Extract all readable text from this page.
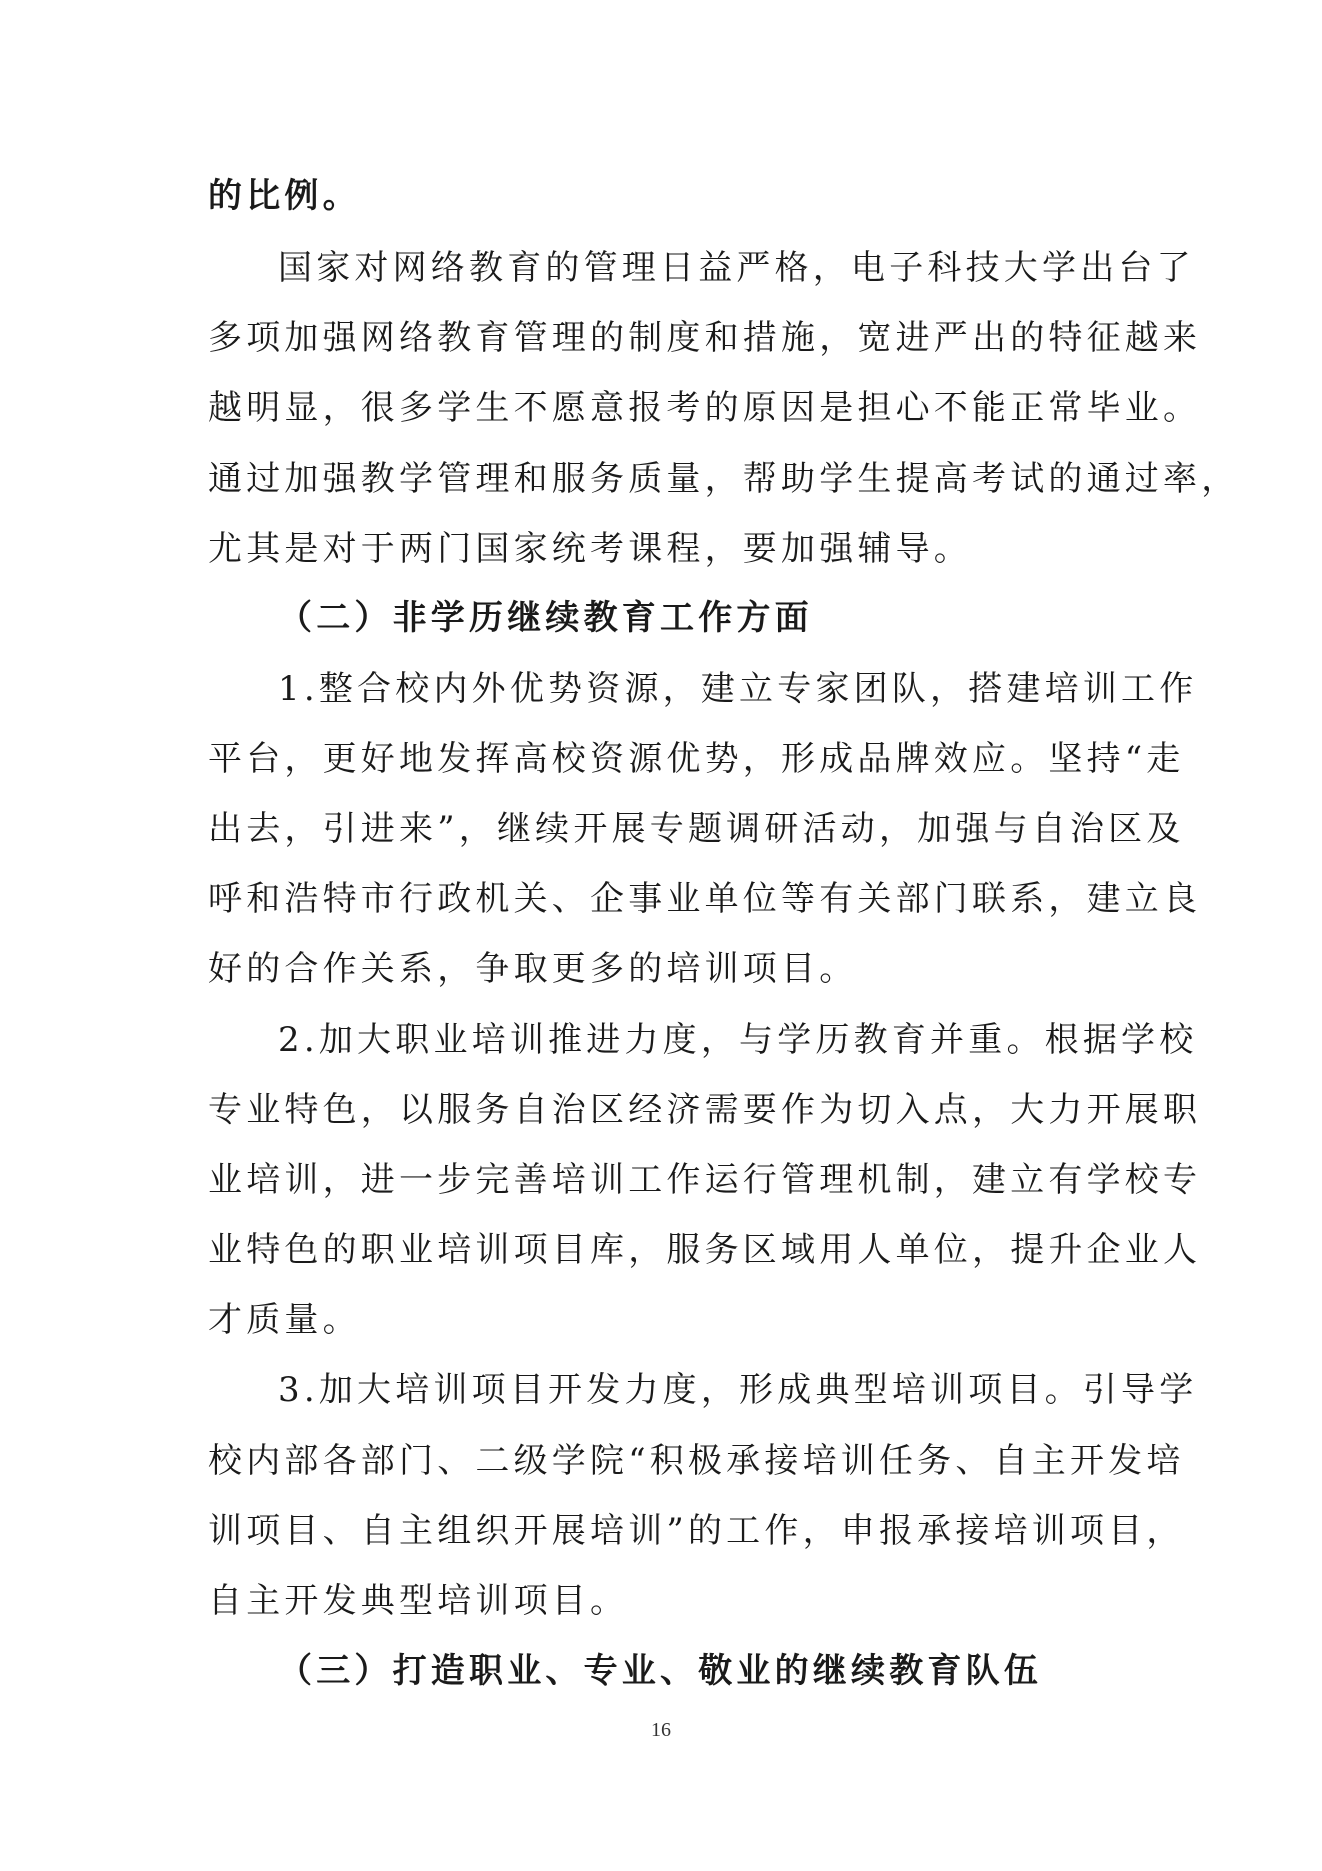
的比例。
国家对网络教育的管理日益严格，电子科技大学出台了
多项加强网络教育管理的制度和措施，宽进严出的特征越来
越明显，很多学生不愿意报考的原因是担心不能正常毕业。
通过加强教学管理和服务质量，帮助学生提高考试的通过率，
尤其是对于两门国家统考课程，要加强辅导。
（二）非学历继续教育工作方面
1.整合校内外优势资源，建立专家团队，搭建培训工作
平台，更好地发挥高校资源优势，形成品牌效应。坚持“走
出去，引进来”，继续开展专题调研活动，加强与自治区及
呼和浩特市行政机关、企事业单位等有关部门联系，建立良
好的合作关系，争取更多的培训项目。
2.加大职业培训推进力度，与学历教育并重。根据学校
专业特色，以服务自治区经济需要作为切入点，大力开展职
业培训，进一步完善培训工作运行管理机制，建立有学校专
业特色的职业培训项目库，服务区域用人单位，提升企业人
才质量。
3.加大培训项目开发力度，形成典型培训项目。引导学
校内部各部门、二级学院“积极承接培训任务、自主开发培
训项目、自主组织开展培训”的工作，申报承接培训项目，
自主开发典型培训项目。
（三）打造职业、专业、敬业的继续教育队伍
16
